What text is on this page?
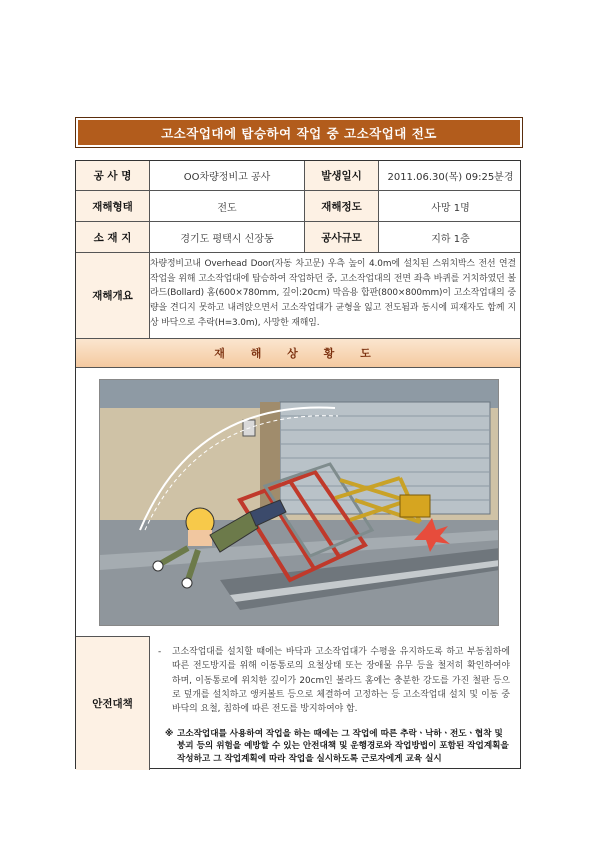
고소작업대에 탑승하여 작업 중 고소작업대 전도
공 사 명	OO차량정비고 공사	발생일시	2011.06.30(목) 09:25분경
재해형태	전도	재해정도	사망 1명
소 재 지	경기도 평택시 신장동	공사규모	지하 1층
재해개요
차량정비고내 Overhead Door(자동 차고문) 우측 높이 4.0m에 설치된 스위치박스 전선 연결 작업을 위해 고소작업대에 탑승하여 작업하던 중, 고소작업대의 전면 좌측 바퀴를 거치하였던 볼라드(Bollard) 홈(600×780mm, 깊이:20cm) 막음용 합판(800×800mm)이 고소작업대의 중량을 견디지 못하고 내려앉으면서 고소작업대가 균형을 잃고 전도됨과 동시에 피재자도 함께 지상 바닥으로 추락(H=3.0m), 사망한 재해임.
재 해 상 황 도
안전대책
-	고소작업대를 설치할 때에는 바닥과 고소작업대가 수평을 유지하도록 하고 부동침하에 따른 전도방지를 위해 이동통로의 요철상태 또는 장애물 유무 등을 철저히 확인하여야 하며, 이동통로에 위치한 깊이가 20cm인 볼라드 홈에는 충분한 강도를 가진 철판 등으로 덮개를 설치하고 앵커볼트 등으로 체결하여 고정하는 등 고소작업대 설치 및 이동 중 바닥의 요철, 침하에 따른 전도를 방지하여야 함.
※ 고소작업대를 사용하여 작업을 하는 때에는 그 작업에 따른 추락ㆍ낙하ㆍ전도ㆍ협착 및 붕괴 등의 위험을 예방할 수 있는 안전대책 및 운행경로와 작업방법이 포함된 작업계획을 작성하고 그 작업계획에 따라 작업을 실시하도록 근로자에게 교육 실시
